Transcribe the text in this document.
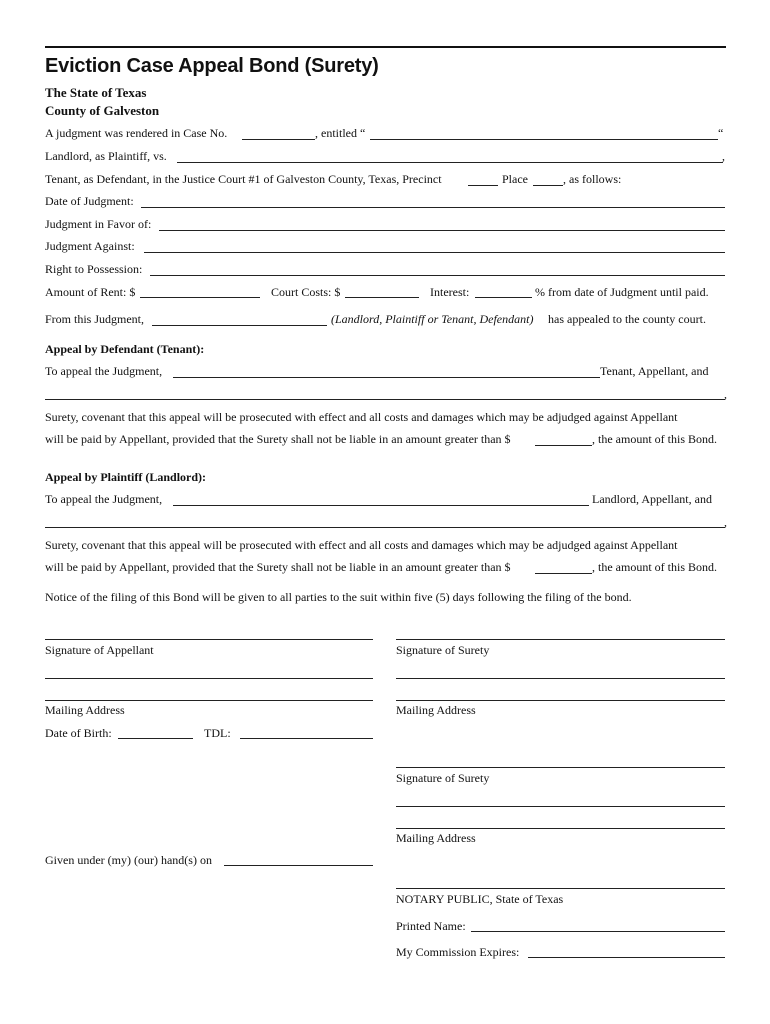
Eviction Case Appeal Bond (Surety)
The State of Texas
County of Galveston
A judgment was rendered in Case No.	, entitled “	“
Landlord, as Plaintiff, vs.	,
Tenant, as Defendant, in the Justice Court #1 of Galveston County, Texas, Precinct	Place	, as follows:
Date of Judgment:
Judgment in Favor of:
Judgment Against:
Right to Possession:
Amount of Rent: $	Court Costs: $	Interest:	% from date of Judgment until paid.
From this Judgment,	(Landlord, Plaintiff or Tenant, Defendant) has appealed to the county court.
Appeal by Defendant (Tenant):
To appeal the Judgment,	Tenant, Appellant, and
,
Surety, covenant that this appeal will be prosecuted with effect and all costs and damages which may be adjudged against Appellant
will be paid by Appellant, provided that the Surety shall not be liable in an amount greater than $	, the amount of this Bond.
Appeal by Plaintiff (Landlord):
To appeal the Judgment,	Landlord, Appellant, and
,
Surety, covenant that this appeal will be prosecuted with effect and all costs and damages which may be adjudged against Appellant
will be paid by Appellant, provided that the Surety shall not be liable in an amount greater than $	, the amount of this Bond.
Notice of the filing of this Bond will be given to all parties to the suit within five (5) days following the filing of the bond.
Signature of Appellant
Mailing Address
Date of Birth:	TDL:
Given under (my) (our) hand(s) on
Signature of Surety
Mailing Address
Signature of Surety
Mailing Address
NOTARY PUBLIC, State of Texas
Printed Name:
My Commission Expires:
